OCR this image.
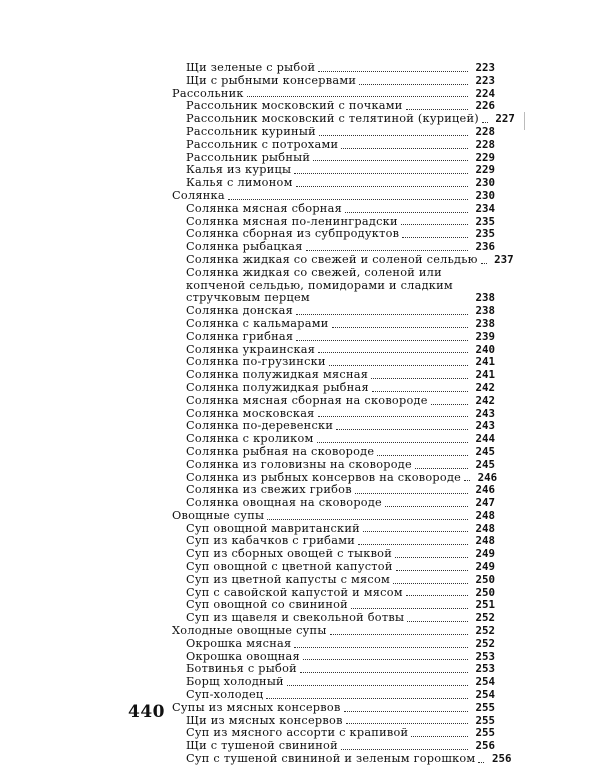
Щи зеленые с рыбой	223
Щи с рыбными консервами	223
Рассольник	224
Рассольник московский с почками	226
Рассольник московский с телятиной (курицей)	227
Рассольник куриный	228
Рассольник с потрохами	228
Рассольник рыбный	229
Калья из курицы	229
Калья с лимоном	230
Солянка	230
Солянка мясная сборная	234
Солянка мясная по-ленинградски	235
Солянка сборная из субпродуктов	235
Солянка рыбацкая	236
Солянка жидкая со свежей и соленой сельдью	237
Солянка жидкая со свежей, соленой или копченой сельдью, помидорами и сладким стручковым перцем	238
Солянка донская	238
Солянка с кальмарами	238
Солянка грибная	239
Солянка украинская	240
Солянка по-грузински	241
Солянка полужидкая мясная	241
Солянка полужидкая рыбная	242
Солянка мясная сборная на сковороде	242
Солянка московская	243
Солянка по-деревенски	243
Солянка с кроликом	244
Солянка рыбная на сковороде	245
Солянка из головизны на сковороде	245
Солянка из рыбных консервов на сковороде	246
Солянка из свежих грибов	246
Солянка овощная на сковороде	247
Овощные супы	248
Суп овощной мавританский	248
Суп из кабачков с грибами	248
Суп из сборных овощей с тыквой	249
Суп овощной с цветной капустой	249
Суп из цветной капусты с мясом	250
Суп с савойской капустой и мясом	250
Суп овощной со свининой	251
Суп из щавеля и свекольной ботвы	252
Холодные овощные супы	252
Окрошка мясная	252
Окрошка овощная	253
Ботвинья с рыбой	253
Борщ холодный	254
Суп-холодец	254
Супы из мясных консервов	255
Щи из мясных консервов	255
Суп из мясного ассорти с крапивой	255
Щи с тушеной свининой	256
Суп с тушеной свининой и зеленым горошком	256
440
